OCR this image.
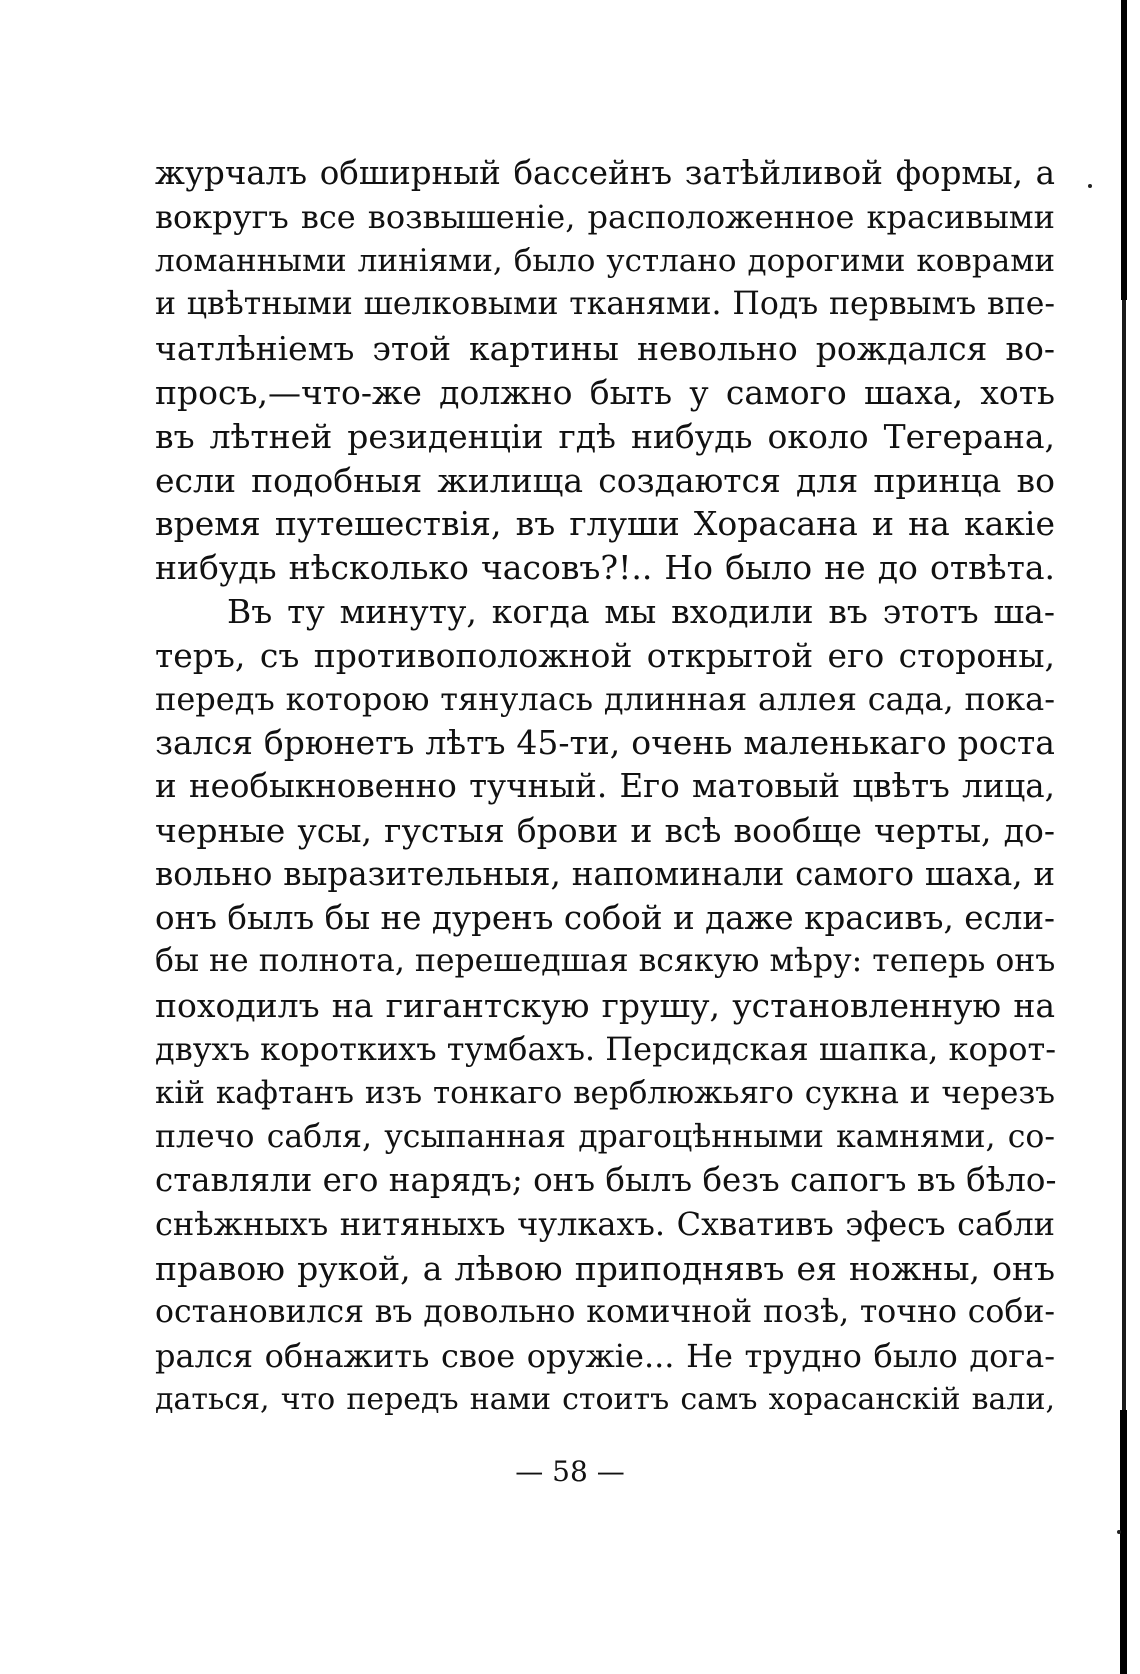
журчалъ обширный бассейнъ затѣйливой формы, а
вокругъ все возвышенiе, расположенное красивыми
ломанными линiями, было устлано дорогими коврами
и цвѣтными шелковыми тканями. Подъ первымъ впе-
чатлѣнiемъ этой картины невольно рождался во-
просъ,—что-же должно быть у самого шаха, хоть
въ лѣтней резиденцiи гдѣ нибудь около Тегерана,
если подобныя жилища создаются для принца во
время путешествiя, въ глуши Хорасана и на какiе
нибудь нѣсколько часовъ?!.. Но было не до отвѣта.
Въ ту минуту, когда мы входили въ этотъ ша-
теръ, съ противоположной открытой его стороны,
передъ которою тянулась длинная аллея сада, пока-
зался брюнетъ лѣтъ 45-ти, очень маленькаго роста
и необыкновенно тучный. Его матовый цвѣтъ лица,
черные усы, густыя брови и всѣ вообще черты, до-
вольно выразительныя, напоминали самого шаха, и
онъ былъ бы не дуренъ собой и даже красивъ, если-
бы не полнота, перешедшая всякую мѣру: теперь онъ
походилъ на гигантскую грушу, установленную на
двухъ короткихъ тумбахъ. Персидская шапка, корот-
кiй кафтанъ изъ тонкаго верблюжьяго сукна и черезъ
плечо сабля, усыпанная драгоцѣнными камнями, со-
ставляли его нарядъ; онъ былъ безъ сапогъ въ бѣло-
снѣжныхъ нитяныхъ чулкахъ. Схвативъ эфесъ сабли
правою рукой, а лѣвою приподнявъ ея ножны, онъ
остановился въ довольно комичной позѣ, точно соби-
рался обнажить свое оружiе... Не трудно было дога-
даться, что передъ нами стоитъ самъ хорасанскiй вали,
— 58 —
